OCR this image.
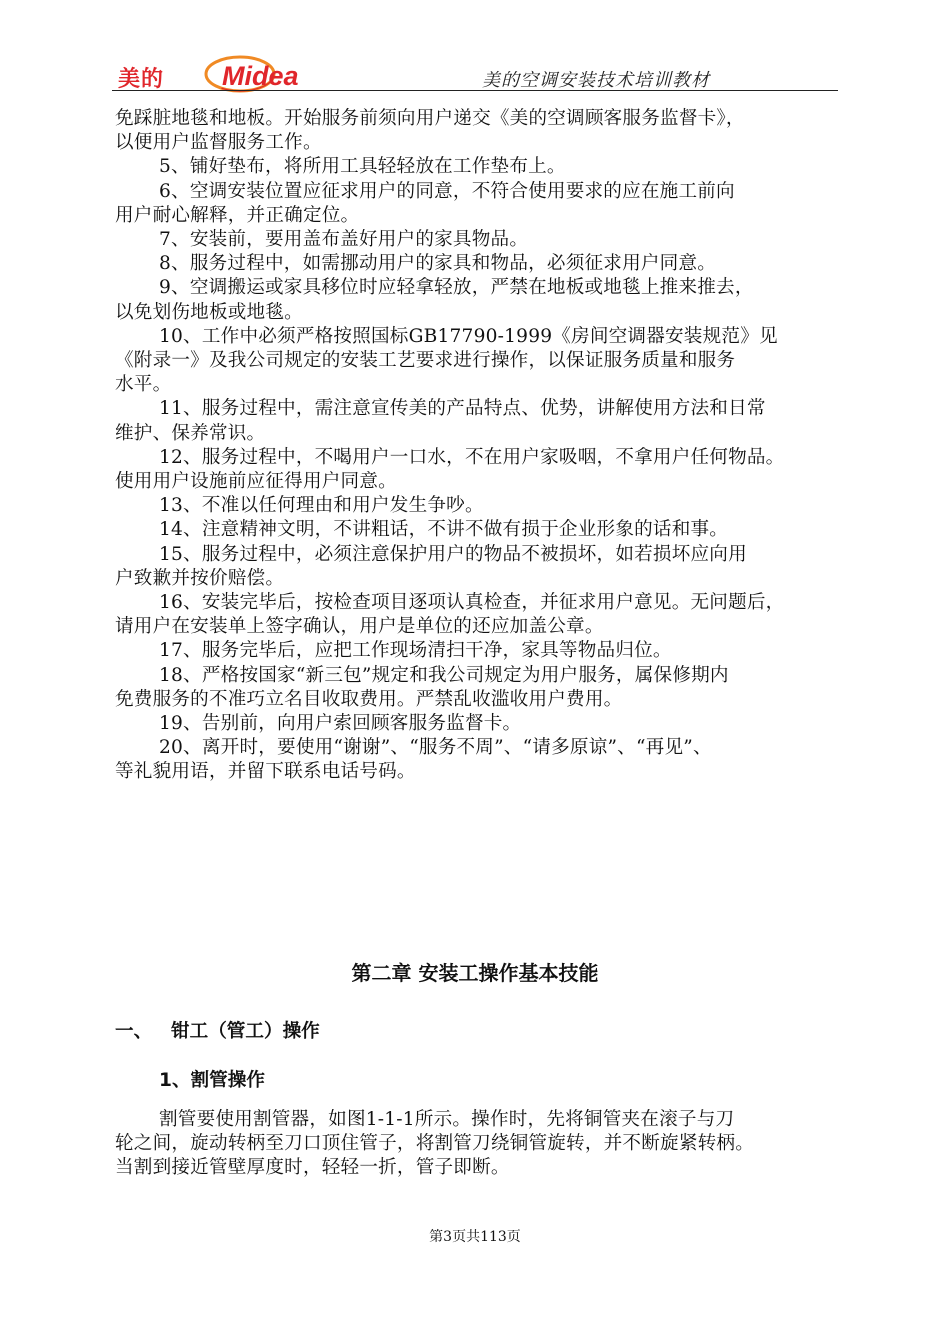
美的 Midea	美的空调安装技术培训教材
免踩脏地毯和地板。开始服务前须向用户递交《美的空调顾客服务监督卡》，
以便用户监督服务工作。
5、铺好垫布，将所用工具轻轻放在工作垫布上。
6、空调安装位置应征求用户的同意，不符合使用要求的应在施工前向
用户耐心解释，并正确定位。
7、安装前，要用盖布盖好用户的家具物品。
8、服务过程中，如需挪动用户的家具和物品，必须征求用户同意。
9、空调搬运或家具移位时应轻拿轻放，严禁在地板或地毯上推来推去，
以免划伤地板或地毯。
10、工作中必须严格按照国标GB17790-1999《房间空调器安装规范》见
《附录一》及我公司规定的安装工艺要求进行操作，以保证服务质量和服务
水平。
11、服务过程中，需注意宣传美的产品特点、优势，讲解使用方法和日常
维护、保养常识。
12、服务过程中，不喝用户一口水，不在用户家吸咽，不拿用户任何物品。
使用用户设施前应征得用户同意。
13、不准以任何理由和用户发生争吵。
14、注意精神文明，不讲粗话，不讲不做有损于企业形象的话和事。
15、服务过程中，必须注意保护用户的物品不被损坏，如若损坏应向用
户致歉并按价赔偿。
16、安装完毕后，按检查项目逐项认真检查，并征求用户意见。无问题后，
请用户在安装单上签字确认，用户是单位的还应加盖公章。
17、服务完毕后，应把工作现场清扫干净，家具等物品归位。
18、严格按国家“新三包”规定和我公司规定为用户服务，属保修期内
免费服务的不准巧立名目收取费用。严禁乱收滥收用户费用。
19、告别前，向用户索回顾客服务监督卡。
20、离开时，要使用“谢谢”、“服务不周”、“请多原谅”、“再见”、
等礼貌用语，并留下联系电话号码。
第二章 安装工操作基本技能
一、 钳工（管工）操作
1、割管操作
割管要使用割管器，如图1-1-1所示。操作时，先将铜管夹在滚子与刀
轮之间，旋动转柄至刀口顶住管子，将割管刀绕铜管旋转，并不断旋紧转柄。
当割到接近管壁厚度时，轻轻一折，管子即断。
第3页共113页
